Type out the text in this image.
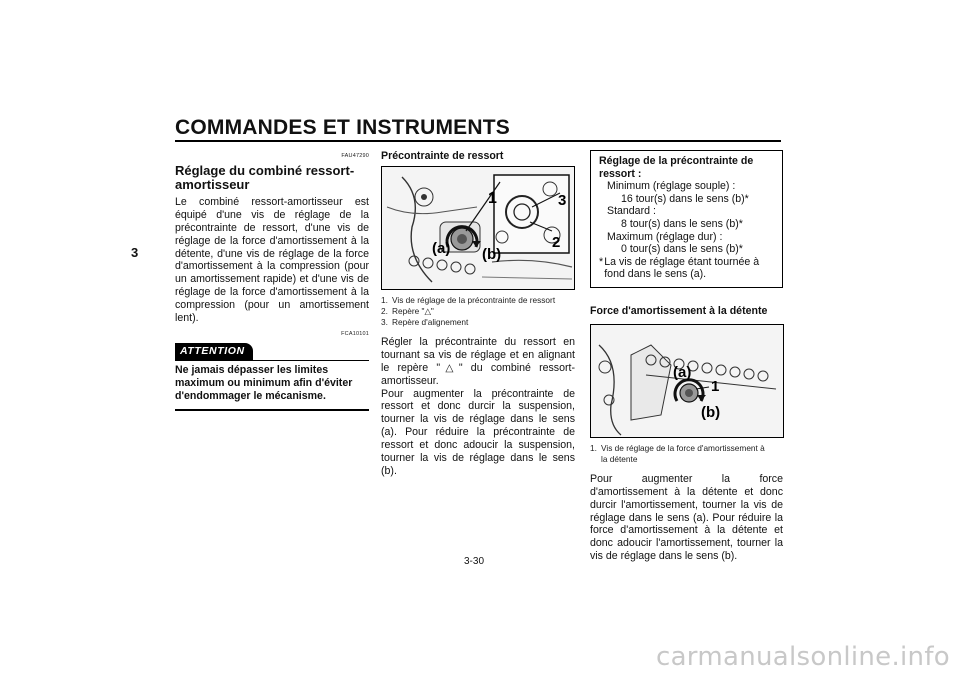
COMMANDES ET INSTRUMENTS
3
FAU47290
Réglage du combiné ressort-amortisseur
Le combiné ressort-amortisseur est équipé d'une vis de réglage de la précontrainte de ressort, d'une vis de réglage de la force d'amortissement à la détente, d'une vis de réglage de la force d'amortissement à la compression (pour un amortissement rapide) et d'une vis de réglage de la force d'amortissement à la compression (pour un amortissement lent).
FCA10101
ATTENTION
Ne jamais dépasser les limites maximum ou minimum afin d'éviter d'endommager le mécanisme.
Précontrainte de ressort
1	3
2
(a) (b)
1. Vis de réglage de la précontrainte de ressort
2. Repère "△"
3. Repère d'alignement
Régler la précontrainte du ressort en tournant sa vis de réglage et en alignant le repère "△" du combiné ressort-amortisseur.
Pour augmenter la précontrainte de ressort et donc durcir la suspension, tourner la vis de réglage dans le sens (a). Pour réduire la précontrainte de ressort et donc adoucir la suspension, tourner la vis de réglage dans le sens (b).
Réglage de la précontrainte de ressort :
Minimum (réglage souple) :
16 tour(s) dans le sens (b)*
Standard :
8 tour(s) dans le sens (b)*
Maximum (réglage dur) :
0 tour(s) dans le sens (b)*
* La vis de réglage étant tournée à fond dans le sens (a).
Force d'amortissement à la détente
(a)
1
(b)
1. Vis de réglage de la force d'amortissement à
la détente
Pour augmenter la force d'amortissement à la détente et donc durcir l'amortissement, tourner la vis de réglage dans le sens (a). Pour réduire la force d'amortissement à la détente et donc adoucir l'amortissement, tourner la vis de réglage dans le sens (b).
3-30
carmanualsonline.info
